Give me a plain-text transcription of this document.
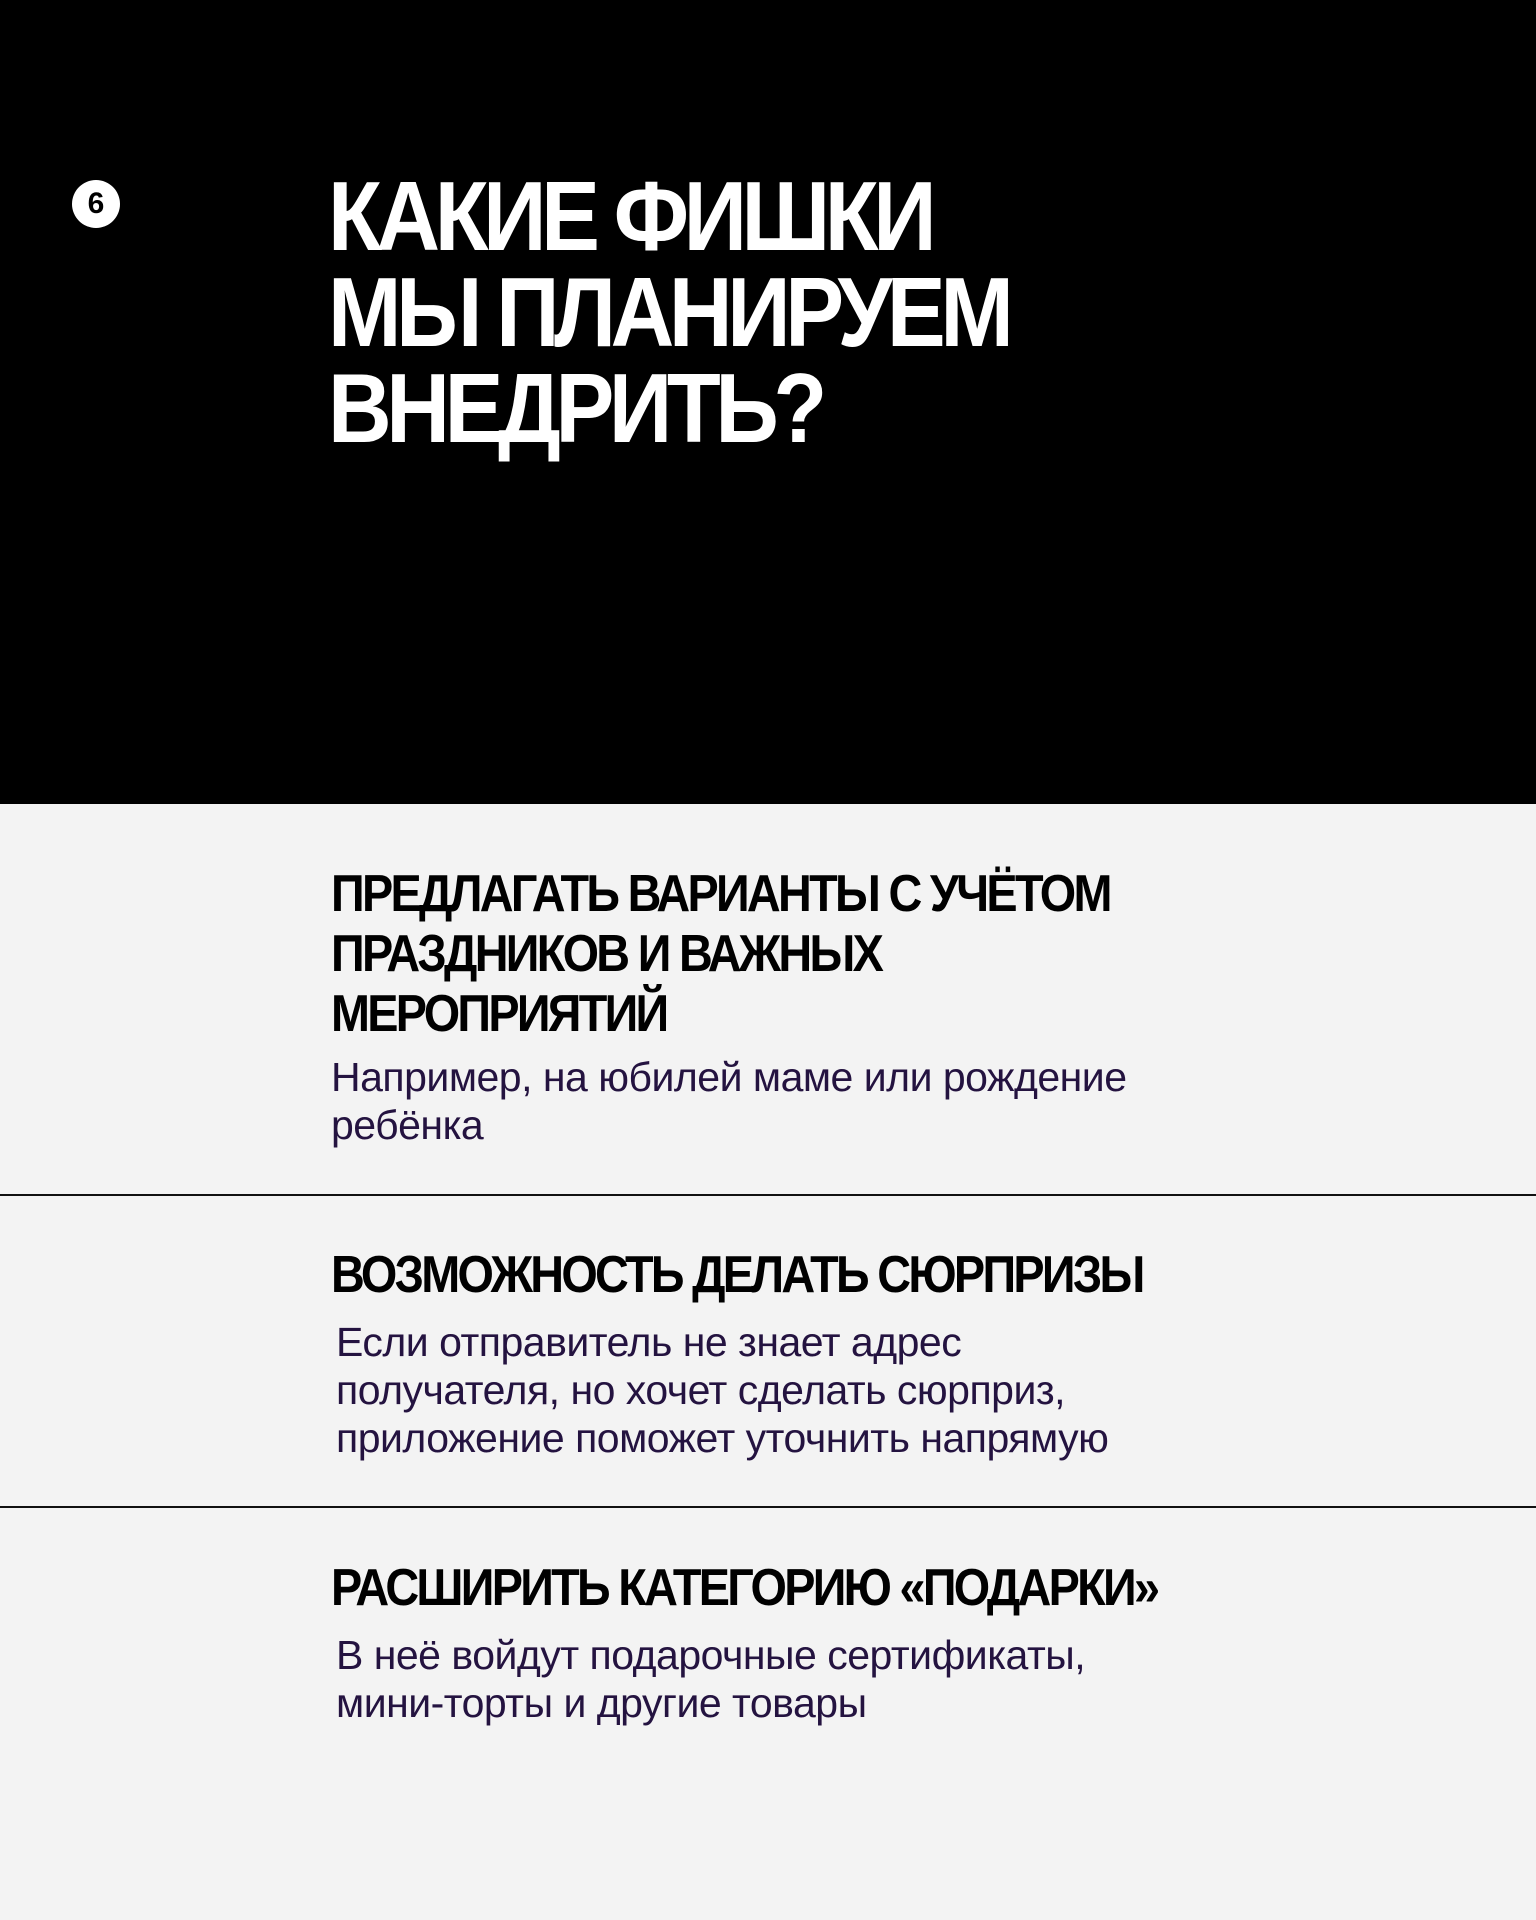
6 КАКИЕ ФИШКИ
МЫ ПЛАНИРУЕМ
ВНЕДРИТЬ?
ПРЕДЛАГАТЬ ВАРИАНТЫ С УЧЁТОМ
ПРАЗДНИКОВ И ВАЖНЫХ
МЕРОПРИЯТИЙ

Например, на юбилей маме или рождение
ребёнка

ВОЗМОЖНОСТЬ ДЕЛАТЬ СЮРПРИЗЫ

Если отправитель не знает адрес
получателя, но хочет сделать сюрприз,
приложение поможет уточнить напрямую

РАСШИРИТЬ КАТЕГОРИЮ «ПОДАРКИ»

В неё войдут подарочные сертификаты,
мини-торты и другие товары
